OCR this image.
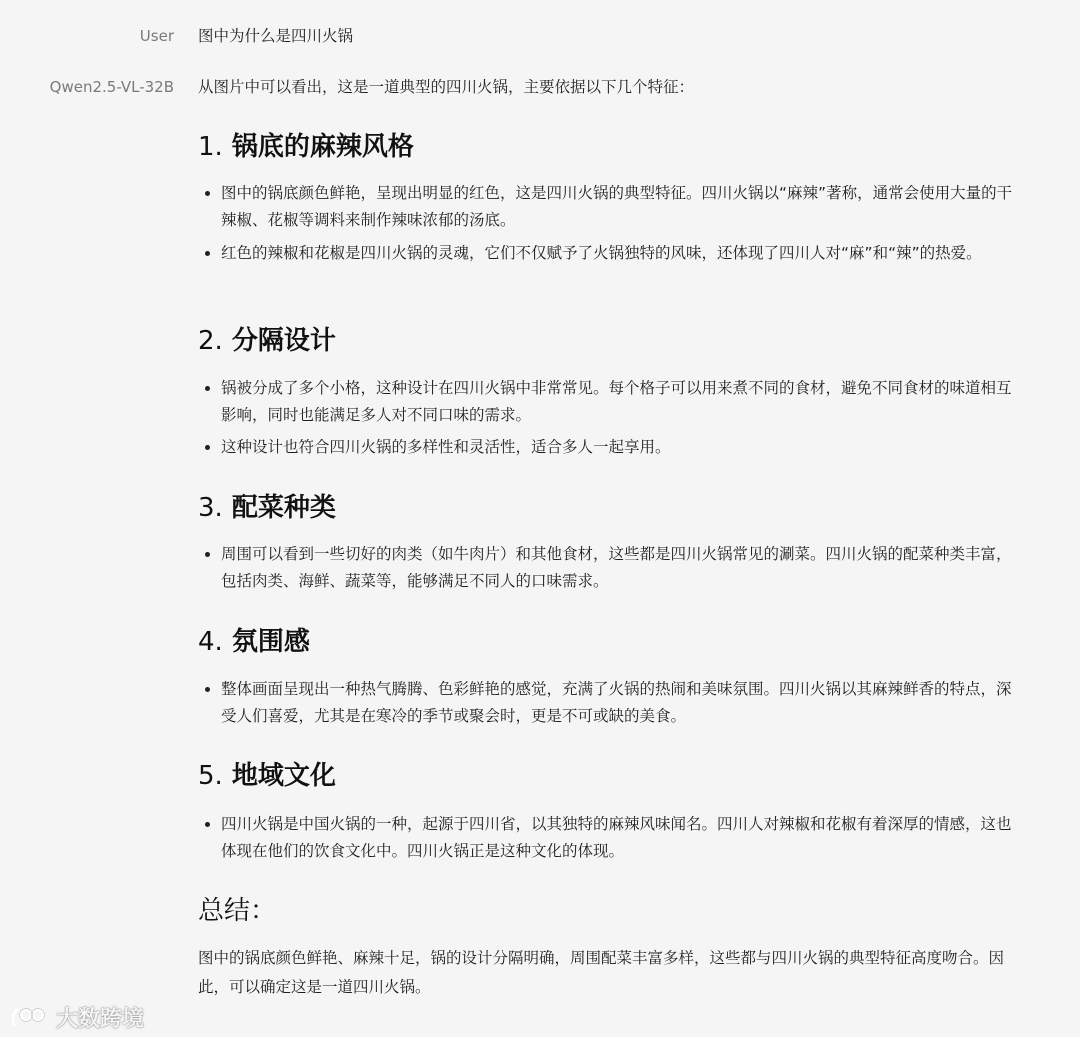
User 图中为什么是四川火锅
Qwen2.5-VL-32B 从图片中可以看出，这是一道典型的四川火锅，主要依据以下几个特征：
1. 锅底的麻辣风格
图中的锅底颜色鲜艳，呈现出明显的红色，这是四川火锅的典型特征。四川火锅以“麻辣”著称，通常会使用大量的干辣椒、花椒等调料来制作辣味浓郁的汤底。
红色的辣椒和花椒是四川火锅的灵魂，它们不仅赋予了火锅独特的风味，还体现了四川人对“麻”和“辣”的热爱。
2. 分隔设计
锅被分成了多个小格，这种设计在四川火锅中非常常见。每个格子可以用来煮不同的食材，避免不同食材的味道相互影响，同时也能满足多人对不同口味的需求。
这种设计也符合四川火锅的多样性和灵活性，适合多人一起享用。
3. 配菜种类
周围可以看到一些切好的肉类（如牛肉片）和其他食材，这些都是四川火锅常见的涮菜。四川火锅的配菜种类丰富，包括肉类、海鲜、蔬菜等，能够满足不同人的口味需求。
4. 氛围感
整体画面呈现出一种热气腾腾、色彩鲜艳的感觉，充满了火锅的热闹和美味氛围。四川火锅以其麻辣鲜香的特点，深受人们喜爱，尤其是在寒冷的季节或聚会时，更是不可或缺的美食。
5. 地域文化
四川火锅是中国火锅的一种，起源于四川省，以其独特的麻辣风味闻名。四川人对辣椒和花椒有着深厚的情感，这也体现在他们的饮食文化中。四川火锅正是这种文化的体现。
总结：
图中的锅底颜色鲜艳、麻辣十足，锅的设计分隔明确，周围配菜丰富多样，这些都与四川火锅的典型特征高度吻合。因此，可以确定这是一道四川火锅。
大数跨境
